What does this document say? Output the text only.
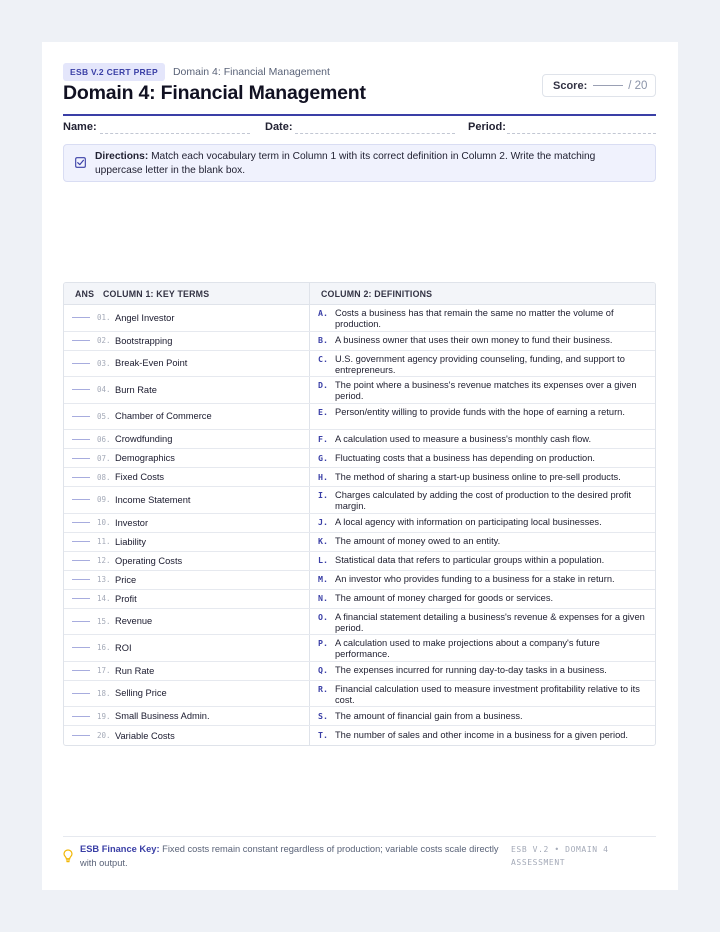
ESB V.2 CERT PREP	Domain 4: Financial Management
Domain 4: Financial Management	Score:	/ 20
Name:	Date:	Period:
Directions: Match each vocabulary term in Column 1 with its correct definition in Column 2. Write the matching uppercase letter in the blank box.
ANS	COLUMN 1: KEY TERMS	COLUMN 2: DEFINITIONS
01. Angel Investor	A. Costs a business has that remain the same no matter the volume of production.
02. Bootstrapping	B. A business owner that uses their own money to fund their business.
03. Break-Even Point	C. U.S. government agency providing counseling, funding, and support to entrepreneurs.
04. Burn Rate	D. The point where a business's revenue matches its expenses over a given period.
05. Chamber of Commerce	E. Person/entity willing to provide funds with the hope of earning a return.
06. Crowdfunding	F. A calculation used to measure a business's monthly cash flow.
07. Demographics	G. Fluctuating costs that a business has depending on production.
08. Fixed Costs	H. The method of sharing a start-up business online to pre-sell products.
09. Income Statement	I. Charges calculated by adding the cost of production to the desired profit margin.
10. Investor	J. A local agency with information on participating local businesses.
11. Liability	K. The amount of money owed to an entity.
12. Operating Costs	L. Statistical data that refers to particular groups within a population.
13. Price	M. An investor who provides funding to a business for a stake in return.
14. Profit	N. The amount of money charged for goods or services.
15. Revenue	O. A financial statement detailing a business's revenue & expenses for a given period.
16. ROI	P. A calculation used to make projections about a company's future performance.
17. Run Rate	Q. The expenses incurred for running day-to-day tasks in a business.
18. Selling Price	R. Financial calculation used to measure investment profitability relative to its cost.
19. Small Business Admin.	S. The amount of financial gain from a business.
20. Variable Costs	T. The number of sales and other income in a business for a given period.
ESB Finance Key: Fixed costs remain constant regardless of production; variable costs scale directly with output.
ESB V.2 • DOMAIN 4 ASSESSMENT
